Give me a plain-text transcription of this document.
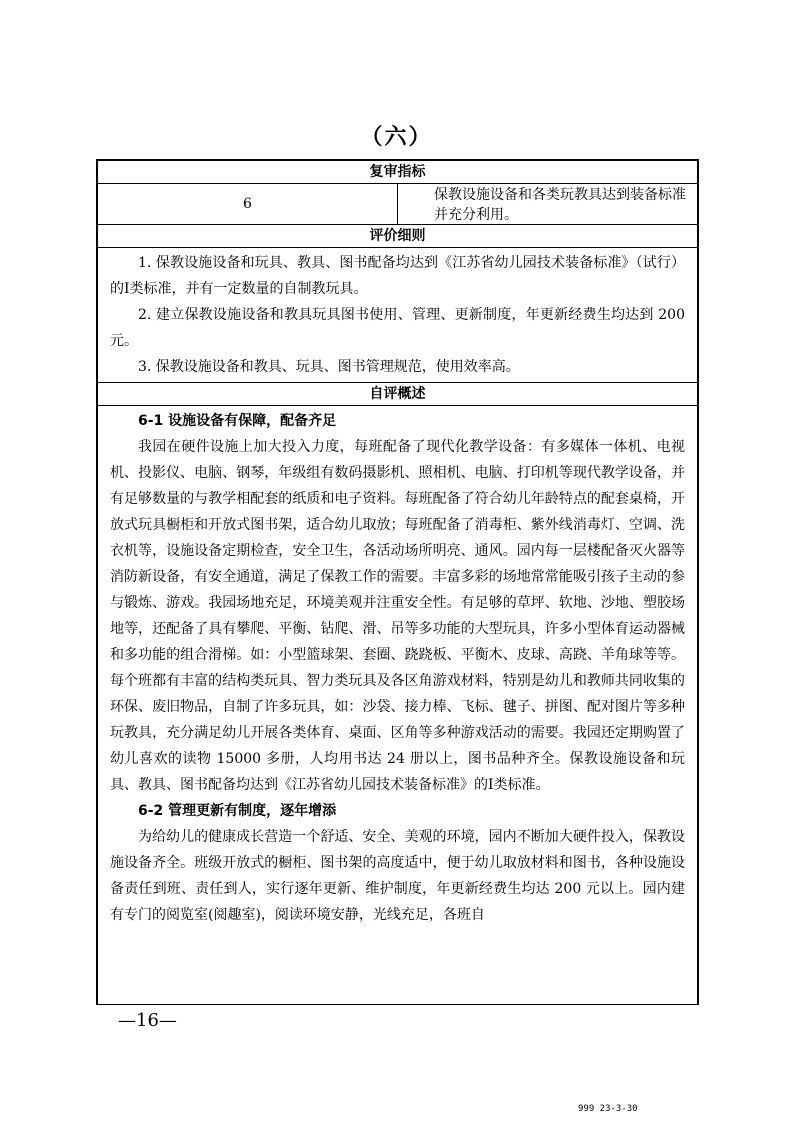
（六）
复审指标
6	保教设施设备和各类玩教具达到装备标准并充分利用。
评价细则

1. 保教设施设备和玩具、教具、图书配备均达到《江苏省幼儿园技术装备标准》（试行）的Ⅰ类标准，并有一定数量的自制教玩具。

2. 建立保教设施设备和教具玩具图书使用、管理、更新制度，年更新经费生均达到 200 元。

3. 保教设施设备和教具、玩具、图书管理规范，使用效率高。

自评概述

6-1 设施设备有保障，配备齐足

我园在硬件设施上加大投入力度，每班配备了现代化教学设备：有多媒体一体机、电视机、投影仪、电脑、钢琴，年级组有数码摄影机、照相机、电脑、打印机等现代教学设备，并有足够数量的与教学相配套的纸质和电子资料。每班配备了符合幼儿年龄特点的配套桌椅，开放式玩具橱柜和开放式图书架，适合幼儿取放；每班配备了消毒柜、紫外线消毒灯、空调、洗衣机等，设施设备定期检查，安全卫生，各活动场所明亮、通风。园内每一层楼配备灭火器等消防新设备，有安全通道，满足了保教工作的需要。丰富多彩的场地常常能吸引孩子主动的参与锻炼、游戏。我园场地充足，环境美观并注重安全性。有足够的草坪、软地、沙地、塑胶场地等，还配备了具有攀爬、平衡、钻爬、滑、吊等多功能的大型玩具，许多小型体育运动器械和多功能的组合滑梯。如：小型篮球架、套圈、跷跷板、平衡木、皮球、高跷、羊角球等等。每个班都有丰富的结构类玩具、智力类玩具及各区角游戏材料，特别是幼儿和教师共同收集的环保、废旧物品，自制了许多玩具，如：沙袋、接力棒、飞标、毽子、拼图、配对图片等多种玩教具，充分满足幼儿开展各类体育、桌面、区角等多种游戏活动的需要。我园还定期购置了幼儿喜欢的读物 15000 多册，人均用书达 24 册以上，图书品种齐全。保教设施设备和玩具、教具、图书配备均达到《江苏省幼儿园技术装备标准》的Ⅰ类标准。

6-2 管理更新有制度，逐年增添

为给幼儿的健康成长营造一个舒适、安全、美观的环境，园内不断加大硬件投入，保教设施设备齐全。班级开放式的橱柜、图书架的高度适中，便于幼儿取放材料和图书，各种设施设备责任到班、责任到人，实行逐年更新、维护制度，年更新经费生均达 200 元以上。园内建有专门的阅览室(阅趣室)，阅读环境安静，光线充足，各班自

—16—
999 23-3-30
